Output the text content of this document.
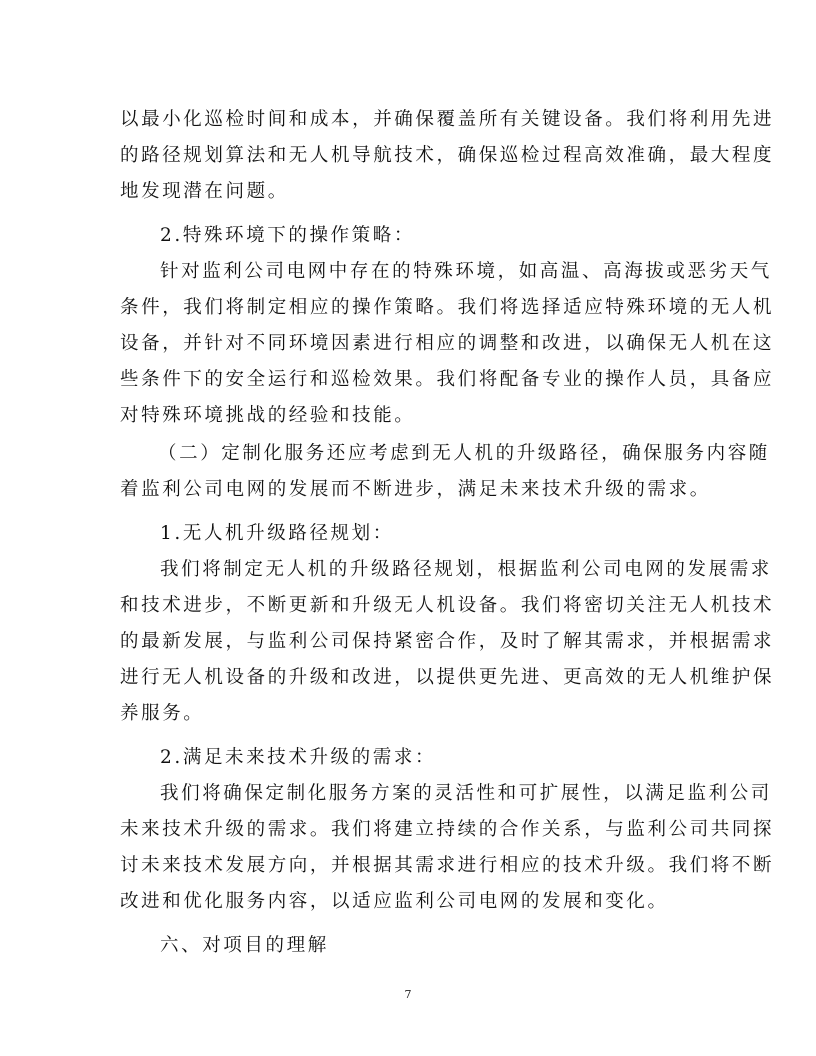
以最小化巡检时间和成本，并确保覆盖所有关键设备。我们将利用先进
的路径规划算法和无人机导航技术，确保巡检过程高效准确，最大程度
地发现潜在问题。
2.特殊环境下的操作策略：
针对监利公司电网中存在的特殊环境，如高温、高海拔或恶劣天气
条件，我们将制定相应的操作策略。我们将选择适应特殊环境的无人机
设备，并针对不同环境因素进行相应的调整和改进，以确保无人机在这
些条件下的安全运行和巡检效果。我们将配备专业的操作人员，具备应
对特殊环境挑战的经验和技能。
（二）定制化服务还应考虑到无人机的升级路径，确保服务内容随
着监利公司电网的发展而不断进步，满足未来技术升级的需求。
1.无人机升级路径规划：
我们将制定无人机的升级路径规划，根据监利公司电网的发展需求
和技术进步，不断更新和升级无人机设备。我们将密切关注无人机技术
的最新发展，与监利公司保持紧密合作，及时了解其需求，并根据需求
进行无人机设备的升级和改进，以提供更先进、更高效的无人机维护保
养服务。
2.满足未来技术升级的需求：
我们将确保定制化服务方案的灵活性和可扩展性，以满足监利公司
未来技术升级的需求。我们将建立持续的合作关系，与监利公司共同探
讨未来技术发展方向，并根据其需求进行相应的技术升级。我们将不断
改进和优化服务内容，以适应监利公司电网的发展和变化。
六、对项目的理解
7
